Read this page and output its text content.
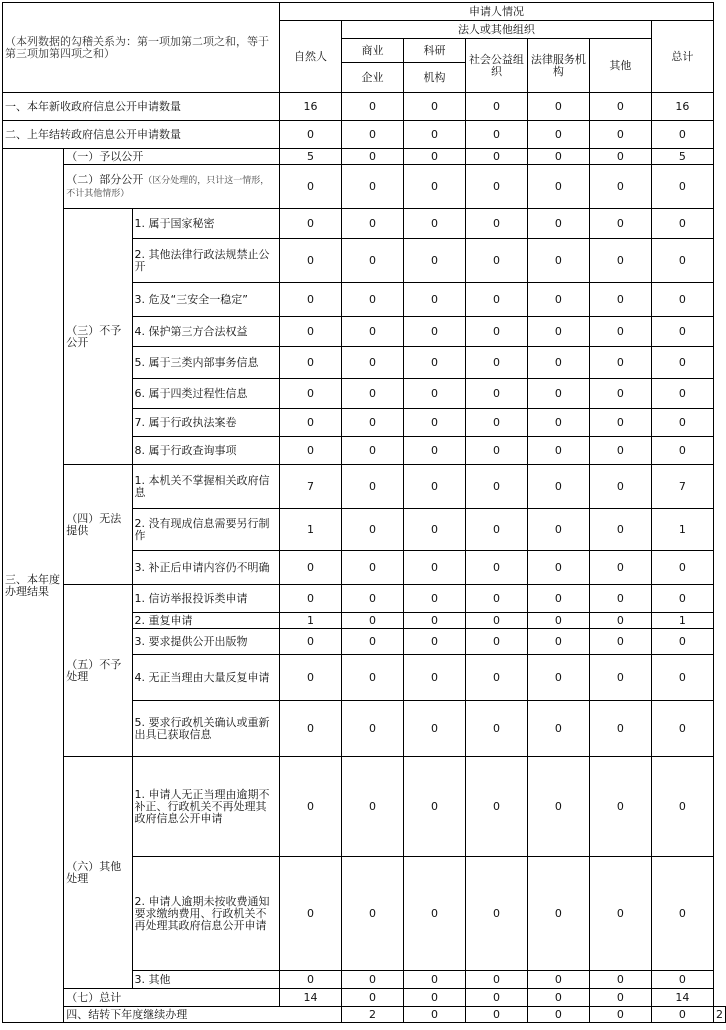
（本列数据的勾稽关系为：第一项加第二项之和，等于第三项加第四项之和）			申请人情况							
			自然人	法人或其他组织					总计	
				商业	科研	社会公益组织	法律服务机构	其他		
				企业	机构					
一、本年新收政府信息公开申请数量			16	0	0	0	0	0	16	
二、上年结转政府信息公开申请数量			0	0	0	0	0	0	0	
三、本年度办理结果	（一）予以公开		5	0	0	0	0	0	5	
	（二）部分公开（区分处理的，只计这一情形，不计其他情形）		0	0	0	0	0	0	0	
	（三）不予公开	1. 属于国家秘密	0	0	0	0	0	0	0	
		2. 其他法律行政法规禁止公开	0	0	0	0	0	0	0	
		3. 危及“三安全一稳定”	0	0	0	0	0	0	0	
		4. 保护第三方合法权益	0	0	0	0	0	0	0	
		5. 属于三类内部事务信息	0	0	0	0	0	0	0	
		6. 属于四类过程性信息	0	0	0	0	0	0	0	
		7. 属于行政执法案卷	0	0	0	0	0	0	0	
		8. 属于行政查询事项	0	0	0	0	0	0	0	
	（四）无法提供	1. 本机关不掌握相关政府信息	7	0	0	0	0	0	7	
		2. 没有现成信息需要另行制作	1	0	0	0	0	0	1	
		3. 补正后申请内容仍不明确	0	0	0	0	0	0	0	
	（五）不予处理	1. 信访举报投诉类申请	0	0	0	0	0	0	0	
		2. 重复申请	1	0	0	0	0	0	1	
		3. 要求提供公开出版物	0	0	0	0	0	0	0	
		4. 无正当理由大量反复申请	0	0	0	0	0	0	0	
		5. 要求行政机关确认或重新出具已获取信息	0	0	0	0	0	0	0	
	（六）其他处理	1. 申请人无正当理由逾期不补正、行政机关不再处理其政府信息公开申请	0	0	0	0	0	0	0	
		2. 申请人逾期未按收费通知要求缴纳费用、行政机关不再处理其政府信息公开申请	0	0	0	0	0	0	0	
		3. 其他	0	0	0	0	0	0	0	
	（七）总计		14	0	0	0	0	0	14	
	四、结转下年度继续办理			2	0	0	0	0	0	2
